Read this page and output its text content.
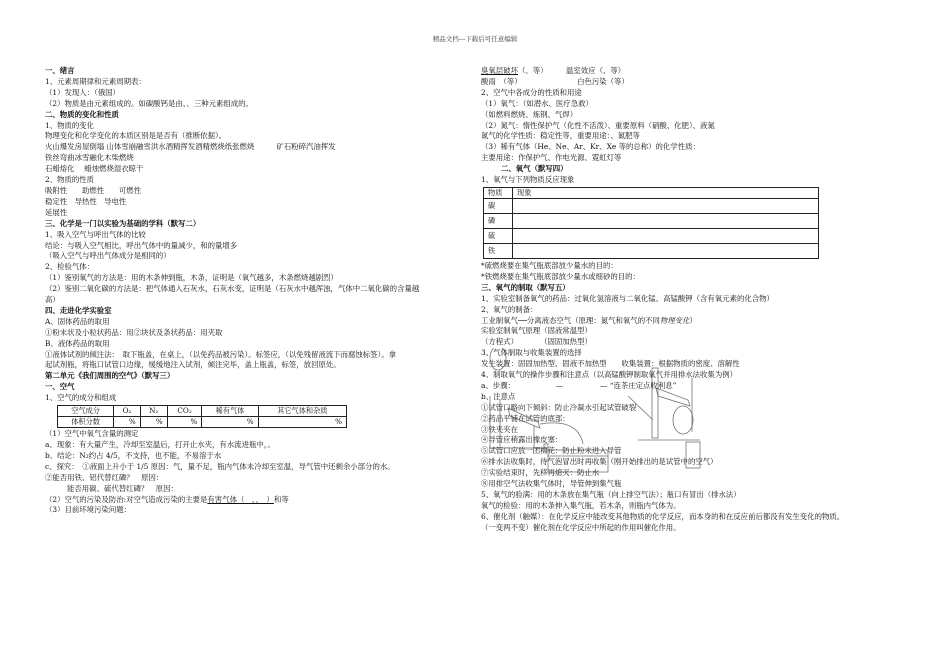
精品文档---下载后可任意编辑
一、绪言
1、元素周期律和元素周期表：
（1）发现人：（俄国）
（2）物质是由元素组成的。如碳酸钙是由、、三种元素组成的。
二、物质的变化和性质
1、物质的变化
物理变化和化学变化的本质区别是是否有（推断依据）。
火山爆发房屋倒塌 山体雪崩融雪洪水酒精挥发酒精燃烧纸张燃烧　　　矿石粉碎汽油挥发
铁丝弯曲冰雪融化木柴燃烧
石蜡熔化　 蜡烛燃烧湿衣晾干
2、物质的性质
吸附性　　助燃性　　可燃性
稳定性　导热性　导电性
延展性
三、化学是一门以实验为基础的学科（默写二）
1、吸入空气与呼出气体的比较
结论：与吸入空气相比，呼出气体中的量减少，和的量增多
（吸入空气与呼出气体成分是相同的）
2、检验气体：
（1）鉴别氧气的方法是：用的木条伸到瓶，木条，证明是（氧气越多，木条燃烧越剧烈）
（2）鉴别二氧化碳的方法是：把气体通入石灰水，石灰水变，证明是（石灰水中越浑浊，气体中二氧化碳的含量越
高）
四、走进化学实验室
A、固体药品的取用
①粉末状及小粒状药品：用②块状及条状药品：用夹取
B、液体药品的取用
①液体试剂的倾注法：　取下瓶盖，在桌上，（以免药品被污染）。标签应，（以免残留液流下而腐蚀标签）。拿
起试剂瓶，将瓶口试管口边缘，缓缓地注入试剂，倾注完毕，盖上瓶盖，标签，放回原处。
第二单元《我们周围的空气》（默写三）
一、空气
1、空气的成分和组成
空气成分	O₂	N₂	CO₂	稀有气体	其它气体和杂质
体积分数	%	%	%	%	%
（1）空气中氧气含量的测定
a、现象：有大量产生，冷却至室温后，打开止水夹，有水流进瓶中，。
b、结论：N₂约占 4/5，不支持，也不能，不易溶于水
c、探究：　①液面上升小于 1/5 原因：气，量不足，瓶内气体未冷却至室温，导气管中还剩余小部分的水。
②能否用铁、铝代替红磷？　原因：
能否用碳、硫代替红磷？　原因：
（2）空气的污染及防治:对空气造成污染的主要是有害气体（　、、　）和等
（3）目前环境污染问题：
臭氧层破坏（、等）　　　温室效应（、等）
酸雨　（等）　　　　　　　　白色污染（等）
2、空气中各成分的性质和用途
（1）氧气：（如潜水、医疗急救）
（如燃料燃烧、炼钢、气焊）
（2）氮气：惰性保护气（化性不活泼）、重要原料（硝酸、化肥）、液氮
氮气的化学性质：稳定性等，重要用途：、氮肥等
（3）稀有气体（He、Ne、Ar、Kr、Xe 等的总称）的化学性质：
主要用途：作保护气、作电光源、霓虹灯等
二、氧气（默写四）
1、氧气与下列物质反应现象
物质	现象
碳	
磷	
硫	
铁	
*硫燃烧要在集气瓶底部放少量水的目的：
*铁燃烧要在集气瓶底部放少量水或细砂的目的：
三、氧气的制取（默写五）
1、实验室制备氧气的药品：过氧化氢溶液与二氧化锰、高锰酸钾（含有氧元素的化合物）
2、氧气的制备：
工业制氧气──分离液态空气（原理：氮气和氧气的不同物理变化）
实验室制氧气原理（固液常温型）
（方程式）　　　　（固固加热型）
3、气体制取与收集装置的选择
发生装置：固固加热型、固液不加热型　　收集装置：根据物质的密度、溶解性
4、制取氧气的操作步骤和注意点（以高锰酸钾制取氧气并用排水法收集为例）
a、步骤：　　　　　　—　　　　　— “连茶庄定点收利息”
b、注意点
①试管口略向下倾斜：防止冷凝水引起试管破裂
②药品平铺在试管的底部：
③铁夹夹在
④导管应稍露出橡皮塞：
⑤试管口应放一团棉花：防止粉末进入导管
⑥排水法收集时，待气泡冒出时再收集（刚开始排出的是试管中的空气）
⑦实验结束时，先移再熄灭：防止水
⑧用排空气法收集气体时，导管伸到集气瓶
5、氧气的验满：用的木条放在集气瓶（向上排空气法）；瓶口有冒出（排水法）
氧气的检验：用的木条伸入集气瓶，若木条，则瓶内气体为。
6、催化剂（触媒）：在化学反应中能改变其他物质的化学反应，而本身的和在反应前后都没有发生变化的物质。
（一变两不变）催化剂在化学反应中所起的作用叫催化作用。
